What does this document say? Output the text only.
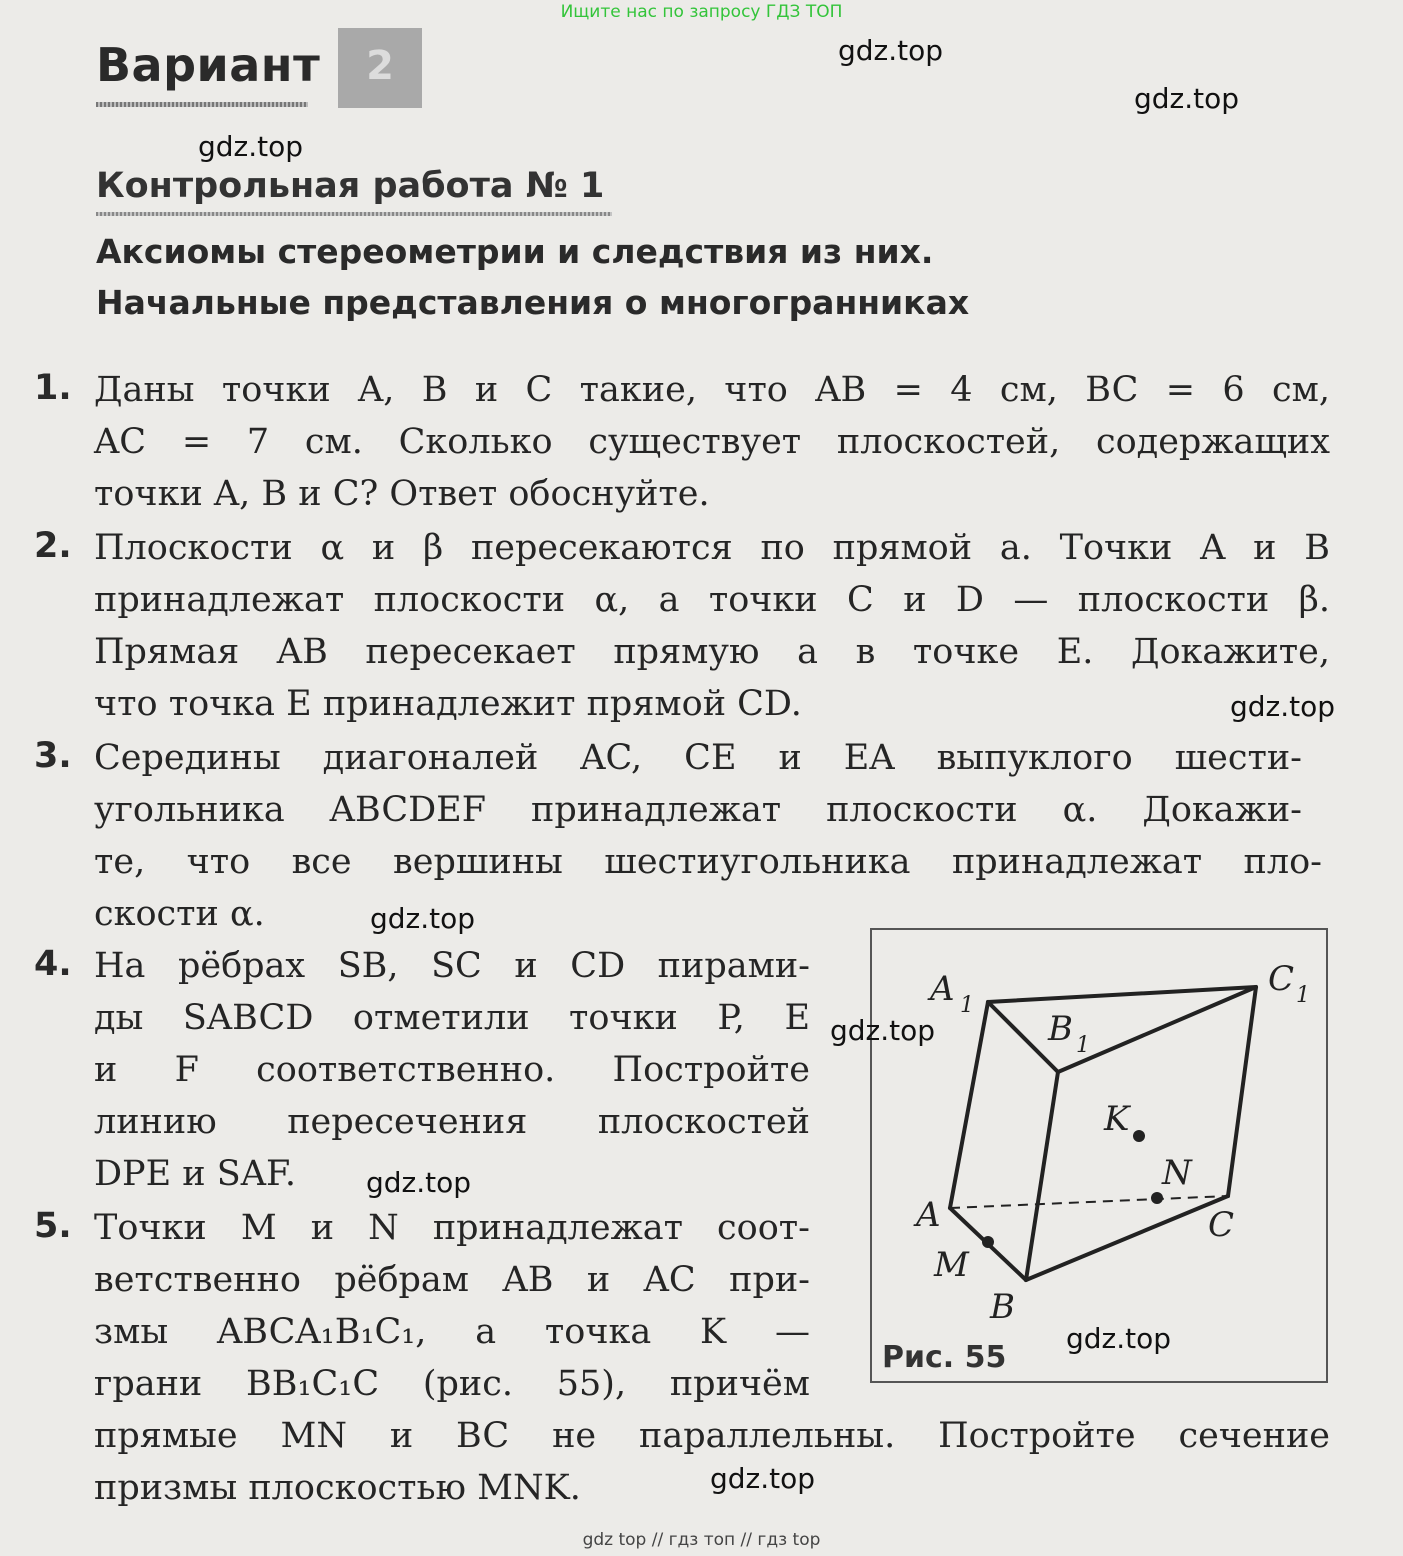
Ищите нас по запросу ГДЗ ТОП
Вариант	2
Контрольная работа № 1
Аксиомы стереометрии и следствия из них.
Начальные представления о многогранниках
1. Даны точки A, B и C такие, что AB = 4 см, BC = 6 см,
AC = 7 см. Сколько существует плоскостей, содержащих
точки A, B и C? Ответ обоснуйте.
2. Плоскости α и β пересекаются по прямой a. Точки A и B
принадлежат плоскости α, а точки C и D — плоскости β.
Прямая AB пересекает прямую a в точке E. Докажите,
что точка E принадлежит прямой CD.
3. Середины диагоналей AC, CE и EA выпуклого шести-
угольника ABCDEF принадлежат плоскости α. Докажи-
те, что все вершины шестиугольника принадлежат пло-
скости α.
4. На рёбрах SB, SC и CD пирами-
ды SABCD отметили точки P, E
и F соответственно. Постройте
линию пересечения плоскостей
DPE и SAF.
5. Точки M и N принадлежат соот-
ветственно рёбрам AB и AC при-
змы ABCA₁B₁C₁, а точка K —
грани BB₁C₁C (рис. 55), причём
прямые MN и BC не параллельны. Постройте сечение
призмы плоскостью MNK.
A 1
B 1
C 1
A
B
C
M
N
K
Рис. 55
gdz.top
gdz.top
gdz.top
gdz.top
gdz.top
gdz.top
gdz.top
gdz.top
gdz.top
gdz top // гдз топ // гдз top
